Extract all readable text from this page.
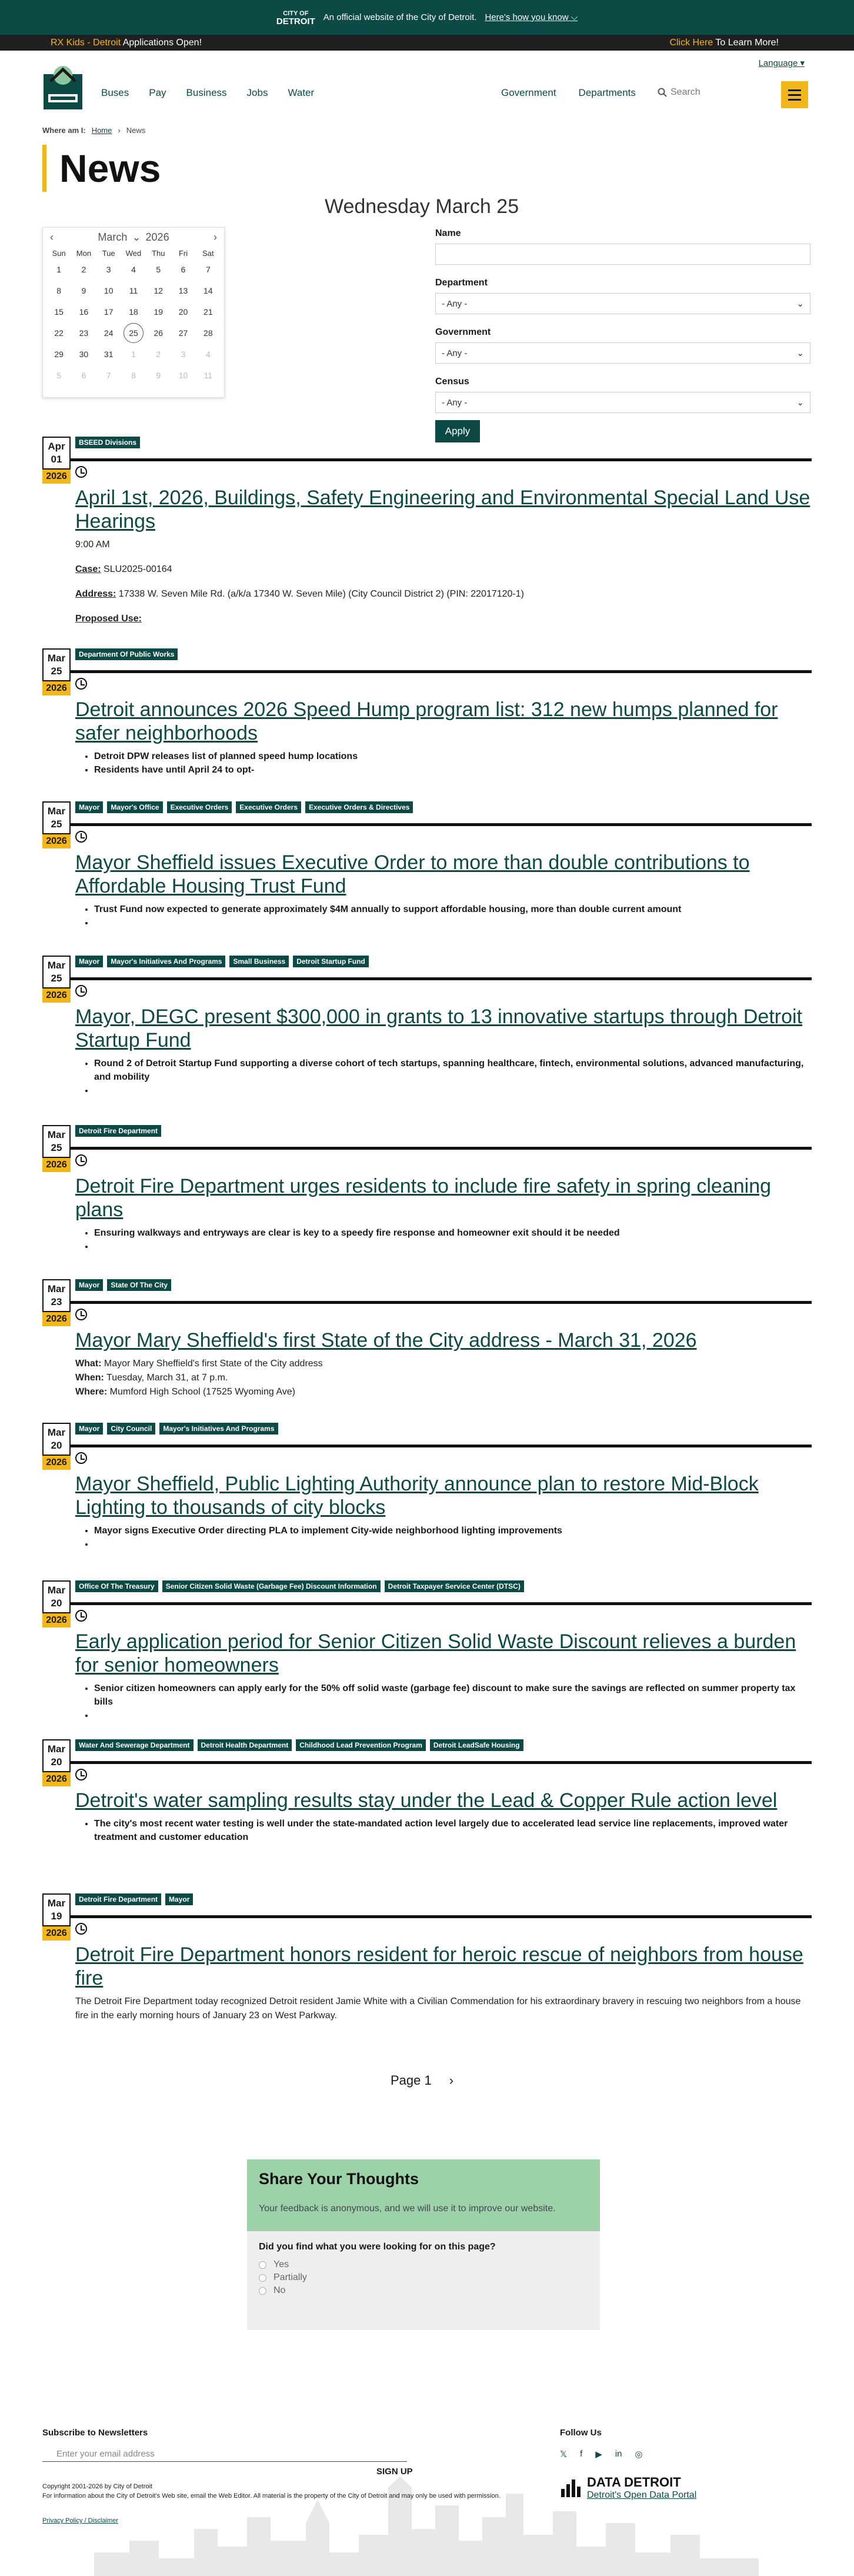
CITY OF
DETROIT An official website of the City of Detroit. Here's how you know ⌵
RX Kids - Detroit Applications Open!	Click Here To Learn More!
Language ▾
Buses Pay Business Jobs Water	Government Departments	Search
Where am I: Home › News
News
Wednesday March 25
‹	March ⌄ 2026	›
Sun	Mon	Tue	Wed	Thu	Fri	Sat
1 2 3 4 5 6 7
8 9 10 11 12 13 14
15 16 17 18 19 20 21
22 23 24	25	26 27 28
29 30 31 1 2 3 4
5 6 7 8 9 10 11
Name
Department
- Any -	⌄
Government
- Any -	⌄
Census
- Any -	⌄
Apply
Apr
01
2026
BSEED Divisions
April 1st, 2026, Buildings, Safety Engineering and Environmental Special Land Use Hearings

9:00 AM

Case: SLU2025-00164

Address: 17338 W. Seven Mile Rd. (a/k/a 17340 W. Seven Mile) (City Council District 2) (PIN: 22017120-1)

Proposed Use:

Mar
25
2026
Department Of Public Works
Detroit announces 2026 Speed Hump program list: 312 new humps planned for safer neighborhoods
• Detroit DPW releases list of planned speed hump locations
• Residents have until April 24 to opt-
Mar
25
2026
Mayor	Mayor's Office	Executive Orders	Executive Orders	Executive Orders & Directives
Mayor Sheffield issues Executive Order to more than double contributions to Affordable Housing Trust Fund
• Trust Fund now expected to generate approximately $4M annually to support affordable housing, more than double current amount
•
Mar
25
2026
Mayor	Mayor's Initiatives And Programs	Small Business	Detroit Startup Fund
Mayor, DEGC present $300,000 in grants to 13 innovative startups through Detroit Startup Fund
• Round 2 of Detroit Startup Fund supporting a diverse cohort of tech startups, spanning healthcare, fintech, environmental solutions, advanced manufacturing, and mobility
•
Mar
25
2026
Detroit Fire Department
Detroit Fire Department urges residents to include fire safety in spring cleaning plans
• Ensuring walkways and entryways are clear is key to a speedy fire response and homeowner exit should it be needed
•
Mar
23
2026
Mayor	State Of The City
Mayor Mary Sheffield's first State of the City address - March 31, 2026

What: Mayor Mary Sheffield's first State of the City address

When: Tuesday, March 31, at 7 p.m.

Where: Mumford High School (17525 Wyoming Ave)

Mar
20
2026
Mayor	City Council	Mayor's Initiatives And Programs
Mayor Sheffield, Public Lighting Authority announce plan to restore Mid-Block Lighting to thousands of city blocks
• Mayor signs Executive Order directing PLA to implement City-wide neighborhood lighting improvements
•
Mar
20
2026
Office Of The Treasury	Senior Citizen Solid Waste (Garbage Fee) Discount Information	Detroit Taxpayer Service Center (DTSC)
Early application period for Senior Citizen Solid Waste Discount relieves a burden for senior homeowners
• Senior citizen homeowners can apply early for the 50% off solid waste (garbage fee) discount to make sure the savings are reflected on summer property tax bills
•
Mar
20
2026
Water And Sewerage Department	Detroit Health Department	Childhood Lead Prevention Program	Detroit LeadSafe Housing
Detroit's water sampling results stay under the Lead & Copper Rule action level
• The city's most recent water testing is well under the state-mandated action level largely due to accelerated lead service line replacements, improved water treatment and customer education
Mar
19
2026
Detroit Fire Department	Mayor
Detroit Fire Department honors resident for heroic rescue of neighbors from house fire

The Detroit Fire Department today recognized Detroit resident Jamie White with a Civilian Commendation for his extraordinary bravery in rescuing two neighbors from a house fire in the early morning hours of January 23 on West Parkway.

Page 1 ›
Share Your Thoughts
Your feedback is anonymous, and we will use it to improve our website.
Did you find what you were looking for on this page?
Yes
Partially
No
Subscribe to Newsletters
Enter your email address
SIGN UP
Copyright 2001-2026 by City of Detroit
For information about the City of Detroit's Web site, email the Web Editor. All material is the property of the City of Detroit and may only be used with permission.
Privacy Policy / Disclaimer
Follow Us
𝕏 f ▶ in ◎
DATA DETROIT
Detroit's Open Data Portal
